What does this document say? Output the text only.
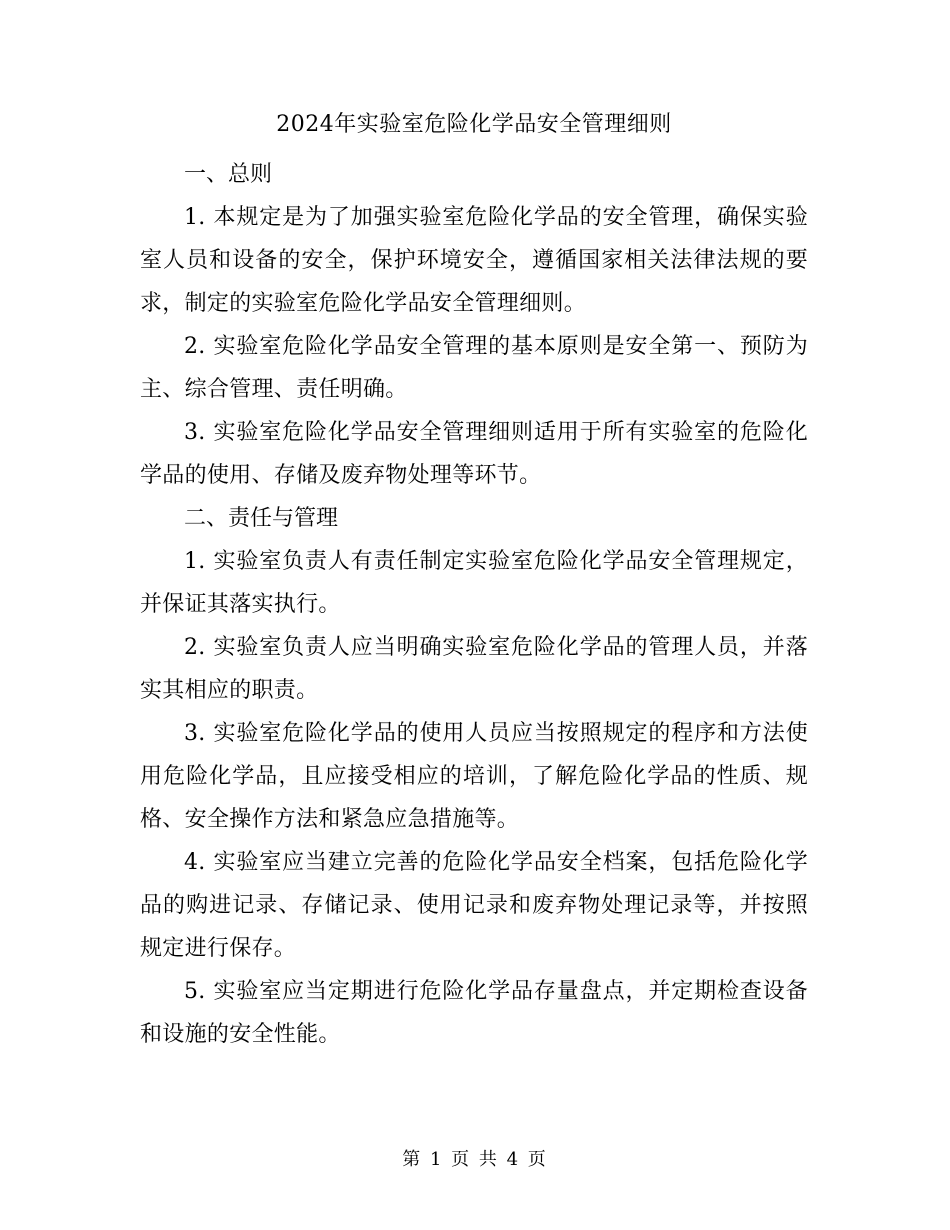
2024年实验室危险化学品安全管理细则

一、总则

1. 本规定是为了加强实验室危险化学品的安全管理，确保实验室人员和设备的安全，保护环境安全，遵循国家相关法律法规的要求，制定的实验室危险化学品安全管理细则。

2. 实验室危险化学品安全管理的基本原则是安全第一、预防为主、综合管理、责任明确。

3. 实验室危险化学品安全管理细则适用于所有实验室的危险化学品的使用、存储及废弃物处理等环节。

二、责任与管理

1. 实验室负责人有责任制定实验室危险化学品安全管理规定，并保证其落实执行。

2. 实验室负责人应当明确实验室危险化学品的管理人员，并落实其相应的职责。

3. 实验室危险化学品的使用人员应当按照规定的程序和方法使用危险化学品，且应接受相应的培训，了解危险化学品的性质、规格、安全操作方法和紧急应急措施等。

4. 实验室应当建立完善的危险化学品安全档案，包括危险化学品的购进记录、存储记录、使用记录和废弃物处理记录等，并按照规定进行保存。

5. 实验室应当定期进行危险化学品存量盘点，并定期检查设备和设施的安全性能。

第 1 页 共 4 页
